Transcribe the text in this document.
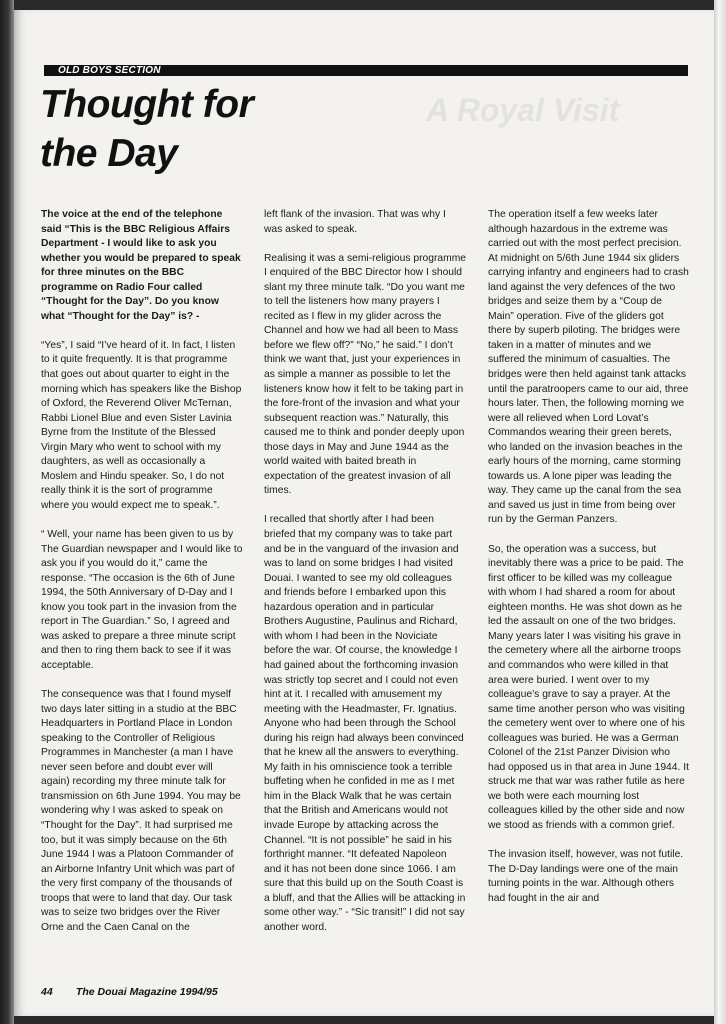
A Royal Visit
OLD BOYS SECTION
Thought for
the Day

The voice at the end of the telephone said “This is the BBC Religious Affairs Department - I would like to ask you whether you would be prepared to speak for three minutes on the BBC programme on Radio Four called “Thought for the Day”. Do you know what “Thought for the Day” is? -

“Yes”, I said “I’ve heard of it. In fact, I listen to it quite frequently. It is that programme that goes out about quarter to eight in the morning which has speakers like the Bishop of Oxford, the Reverend Oliver McTernan, Rabbi Lionel Blue and even Sister Lavinia Byrne from the Institute of the Blessed Virgin Mary who went to school with my daughters, as well as occasionally a Moslem and Hindu speaker. So, I do not really think it is the sort of programme where you would expect me to speak.”.

“ Well, your name has been given to us by The Guardian newspaper and I would like to ask you if you would do it,” came the response. “The occasion is the 6th of June 1994, the 50th Anniversary of D-Day and I know you took part in the invasion from the report in The Guardian.” So, I agreed and was asked to prepare a three minute script and then to ring them back to see if it was acceptable.

The consequence was that I found myself two days later sitting in a studio at the BBC Headquarters in Portland Place in London speaking to the Controller of Religious Programmes in Manchester (a man I have never seen before and doubt ever will again) recording my three minute talk for transmission on 6th June 1994. You may be wondering why I was asked to speak on “Thought for the Day”. It had surprised me too, but it was simply because on the 6th June 1944 I was a Platoon Commander of an Airborne Infantry Unit which was part of the very first company of the thousands of troops that were to land that day. Our task was to seize two bridges over the River Orne and the Caen Canal on the

left flank of the invasion. That was why I was asked to speak.

Realising it was a semi-religious programme I enquired of the BBC Director how I should slant my three minute talk. “Do you want me to tell the listeners how many prayers I recited as I flew in my glider across the Channel and how we had all been to Mass before we flew off?” “No,” he said.” I don’t think we want that, just your experiences in as simple a manner as possible to let the listeners know how it felt to be taking part in the fore-front of the invasion and what your subsequent reaction was.” Naturally, this caused me to think and ponder deeply upon those days in May and June 1944 as the world waited with baited breath in expectation of the greatest invasion of all times.

I recalled that shortly after I had been briefed that my company was to take part and be in the vanguard of the invasion and was to land on some bridges I had visited Douai. I wanted to see my old colleagues and friends before I embarked upon this hazardous operation and in particular Brothers Augustine, Paulinus and Richard, with whom I had been in the Noviciate before the war. Of course, the knowledge I had gained about the forthcoming invasion was strictly top secret and I could not even hint at it. I recalled with amusement my meeting with the Headmaster, Fr. Ignatius. Anyone who had been through the School during his reign had always been convinced that he knew all the answers to everything. My faith in his omniscience took a terrible buffeting when he confided in me as I met him in the Black Walk that he was certain that the British and Americans would not invade Europe by attacking across the Channel. “It is not possible” he said in his forthright manner. “It defeated Napoleon and it has not been done since 1066. I am sure that this build up on the South Coast is a bluff, and that the Allies will be attacking in some other way.” - “Sic transit!” I did not say another word.

The operation itself a few weeks later although hazardous in the extreme was carried out with the most perfect precision. At midnight on 5/6th June 1944 six gliders carrying infantry and engineers had to crash land against the very defences of the two bridges and seize them by a “Coup de Main” operation. Five of the gliders got there by superb piloting. The bridges were taken in a matter of minutes and we suffered the minimum of casualties. The bridges were then held against tank attacks until the paratroopers came to our aid, three hours later. Then, the following morning we were all relieved when Lord Lovat’s Commandos wearing their green berets, who landed on the invasion beaches in the early hours of the morning, came storming towards us. A lone piper was leading the way. They came up the canal from the sea and saved us just in time from being over run by the German Panzers.

So, the operation was a success, but inevitably there was a price to be paid. The first officer to be killed was my colleague with whom I had shared a room for about eighteen months. He was shot down as he led the assault on one of the two bridges. Many years later I was visiting his grave in the cemetery where all the airborne troops and commandos who were killed in that area were buried. I went over to my colleague’s grave to say a prayer. At the same time another person who was visiting the cemetery went over to where one of his colleagues was buried. He was a German Colonel of the 21st Panzer Division who had opposed us in that area in June 1944. It struck me that war was rather futile as here we both were each mourning lost colleagues killed by the other side and now we stood as friends with a common grief.

The invasion itself, however, was not futile. The D-Day landings were one of the main turning points in the war. Although others had fought in the air and

44 The Douai Magazine 1994/95
